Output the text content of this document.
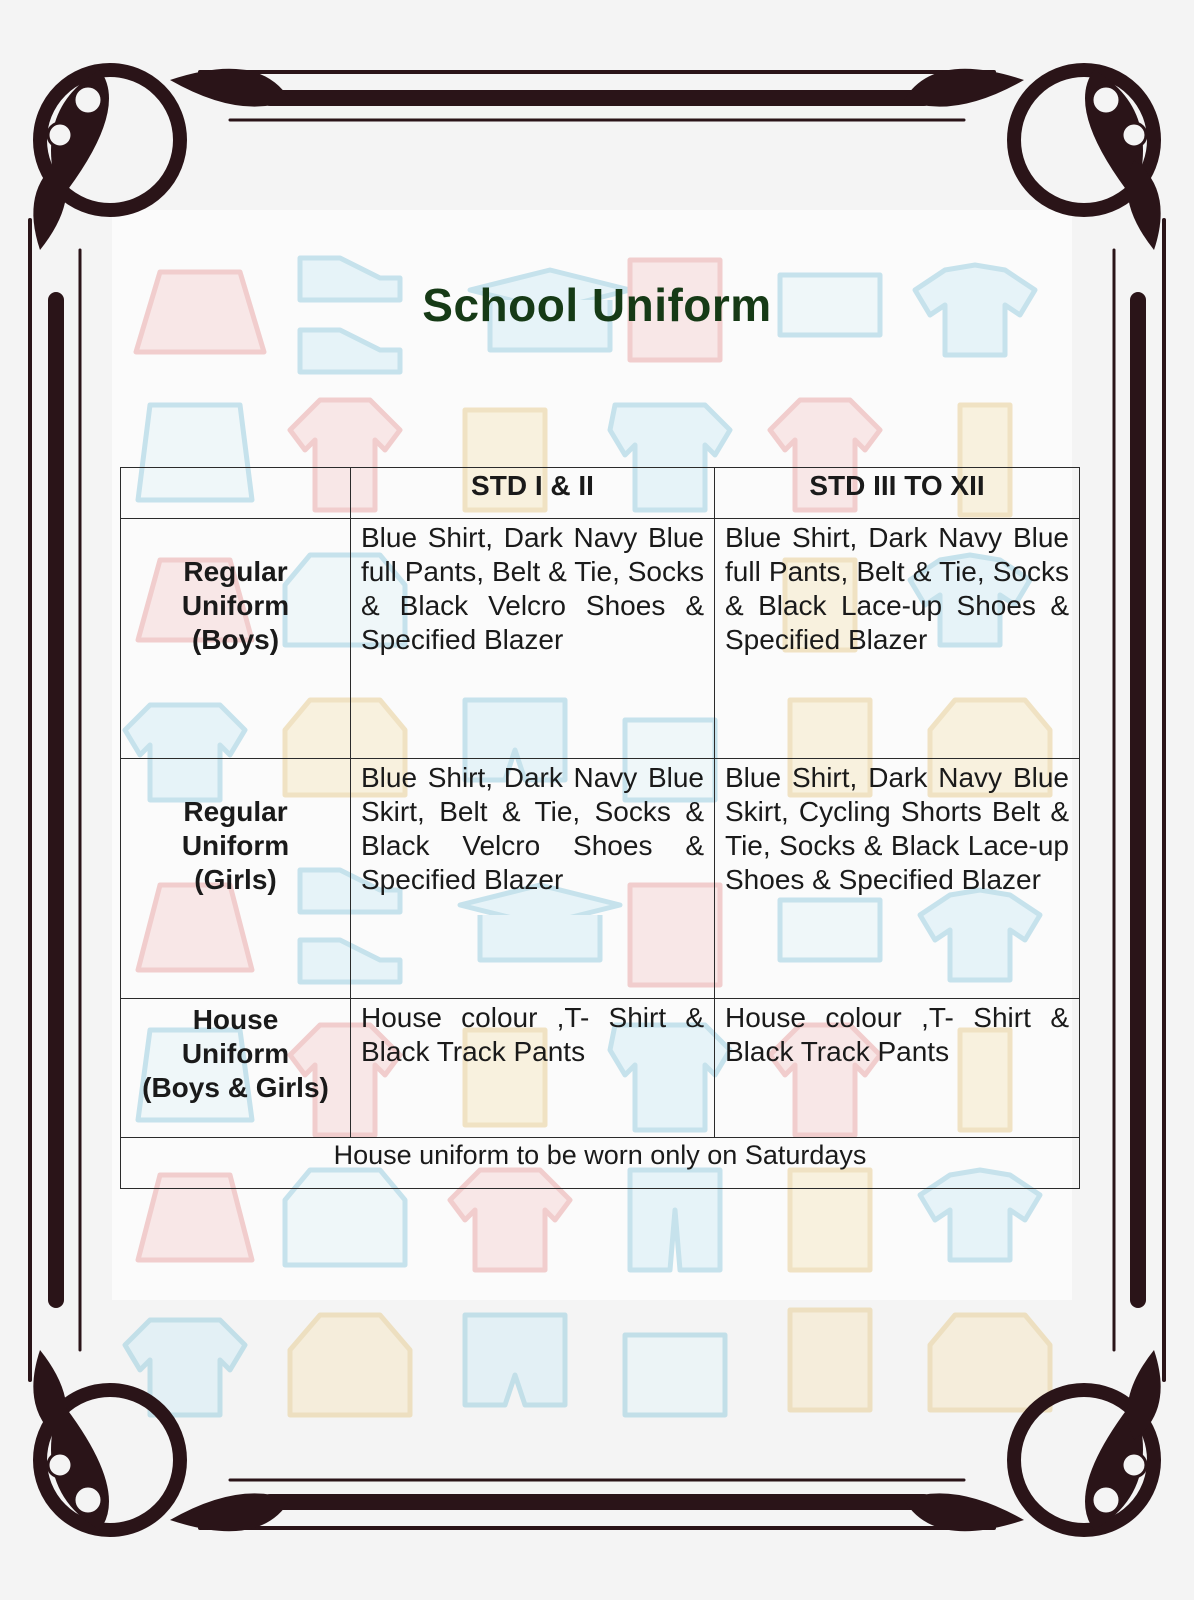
School Uniform
	STD I & II	STD III TO XII

Regular
Uniform
(Boys)	Blue Shirt, Dark Navy Blue full Pants, Belt & Tie, Socks & Black Velcro Shoes & Specified Blazer	Blue Shirt, Dark Navy Blue full Pants, Belt & Tie, Socks & Black Lace-up Shoes & Specified Blazer

Regular
Uniform
(Girls)	Blue Shirt, Dark Navy Blue Skirt, Belt & Tie, Socks & Black Velcro Shoes & Specified Blazer	Blue Shirt, Dark Navy Blue Skirt, Cycling Shorts Belt & Tie, Socks & Black Lace-up Shoes & Specified Blazer

House
Uniform
(Boys & Girls)	House colour ,T- Shirt & Black Track Pants	House colour ,T- Shirt & Black Track Pants
House uniform to be worn only on Saturdays		
